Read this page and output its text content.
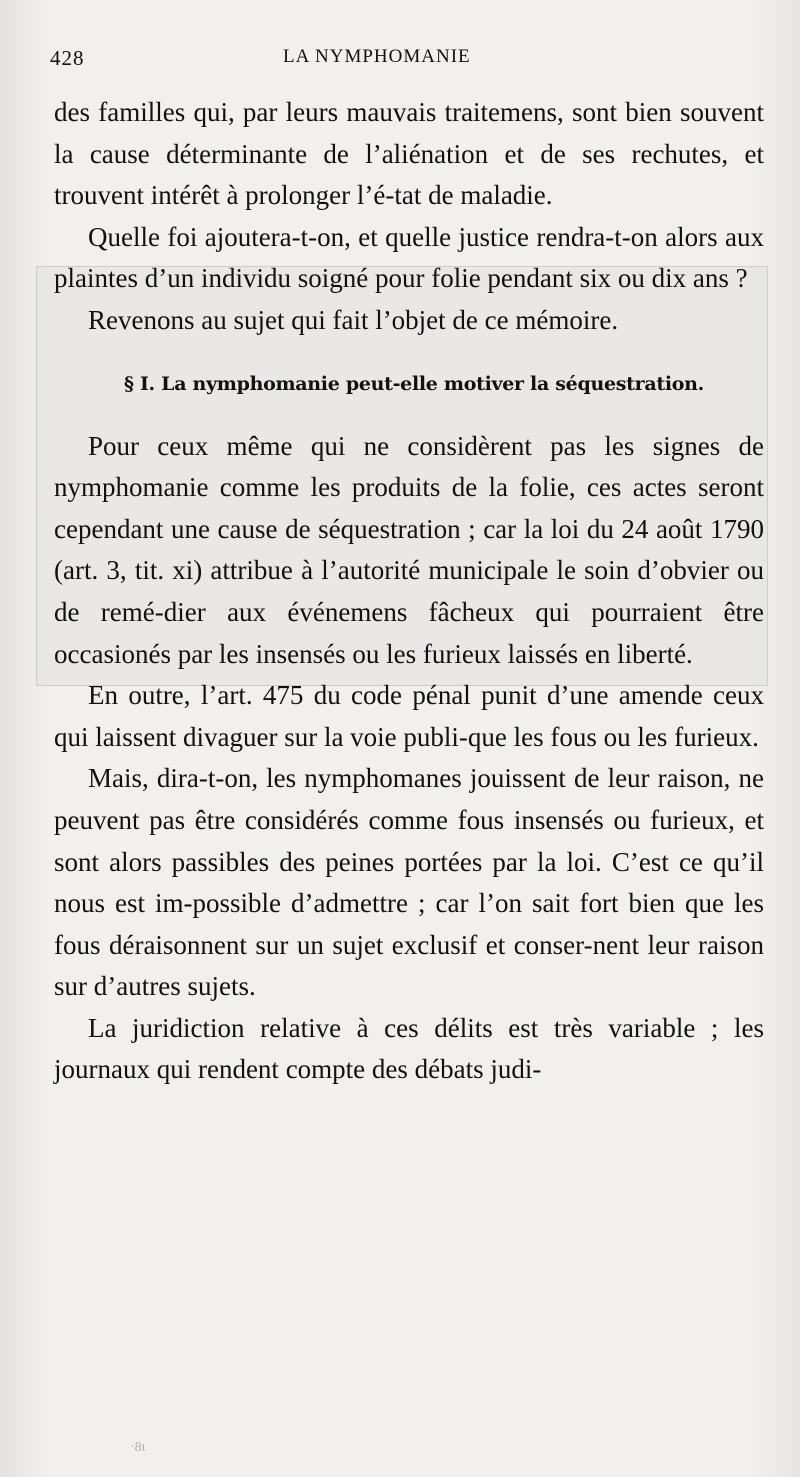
428	LA NYMPHOMANIE

des familles qui, par leurs mauvais traitemens, sont bien souvent la cause déterminante de l’aliénation et de ses rechutes, et trouvent intérêt à prolonger l’é-tat de maladie.

Quelle foi ajoutera-t-on, et quelle justice rendra-t-on alors aux plaintes d’un individu soigné pour folie pendant six ou dix ans ?

Revenons au sujet qui fait l’objet de ce mémoire.

§ I. La nymphomanie peut-elle motiver la séquestration.

Pour ceux même qui ne considèrent pas les signes de nymphomanie comme les produits de la folie, ces actes seront cependant une cause de séquestration ; car la loi du 24 août 1790 (art. 3, tit. xi) attribue à l’autorité municipale le soin d’obvier ou de remé-dier aux événemens fâcheux qui pourraient être occasionés par les insensés ou les furieux laissés en liberté.

En outre, l’art. 475 du code pénal punit d’une amende ceux qui laissent divaguer sur la voie publi-que les fous ou les furieux.

Mais, dira-t-on, les nymphomanes jouissent de leur raison, ne peuvent pas être considérés comme fous insensés ou furieux, et sont alors passibles des peines portées par la loi. C’est ce qu’il nous est im-possible d’admettre ; car l’on sait fort bien que les fous déraisonnent sur un sujet exclusif et conser-nent leur raison sur d’autres sujets.

La juridiction relative à ces délits est très variable ; les journaux qui rendent compte des débats judi-

·8ɩ
